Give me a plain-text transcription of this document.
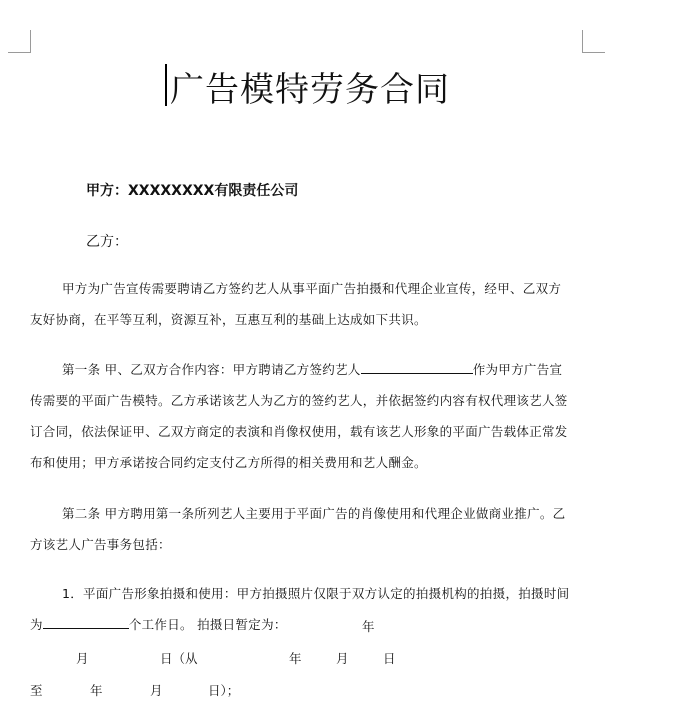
广告模特劳务合同
甲方：XXXXXXXX有限责任公司
乙方：

甲方为广告宣传需要聘请乙方签约艺人从事平面广告拍摄和代理企业宣传，经甲、乙双方

友好协商，在平等互利，资源互补，互惠互利的基础上达成如下共识。

第一条 甲、乙双方合作内容：甲方聘请乙方签约艺人	作为甲方广告宣

传需要的平面广告模特。乙方承诺该艺人为乙方的签约艺人，并依据签约内容有权代理该艺人签

订合同，依法保证甲、乙双方商定的表演和肖像权使用，载有该艺人形象的平面广告载体正常发

布和使用；甲方承诺按合同约定支付乙方所得的相关费用和艺人酬金。

第二条 甲方聘用第一条所列艺人主要用于平面广告的肖像使用和代理企业做商业推广。乙

方该艺人广告事务包括：

1．平面广告形象拍摄和使用：甲方拍摄照片仅限于双方认定的拍摄机构的拍摄，拍摄时间

为	个工作日。 拍摄日暂定为：	年
月	日（从	年	月	日
至	年	月	日）；
